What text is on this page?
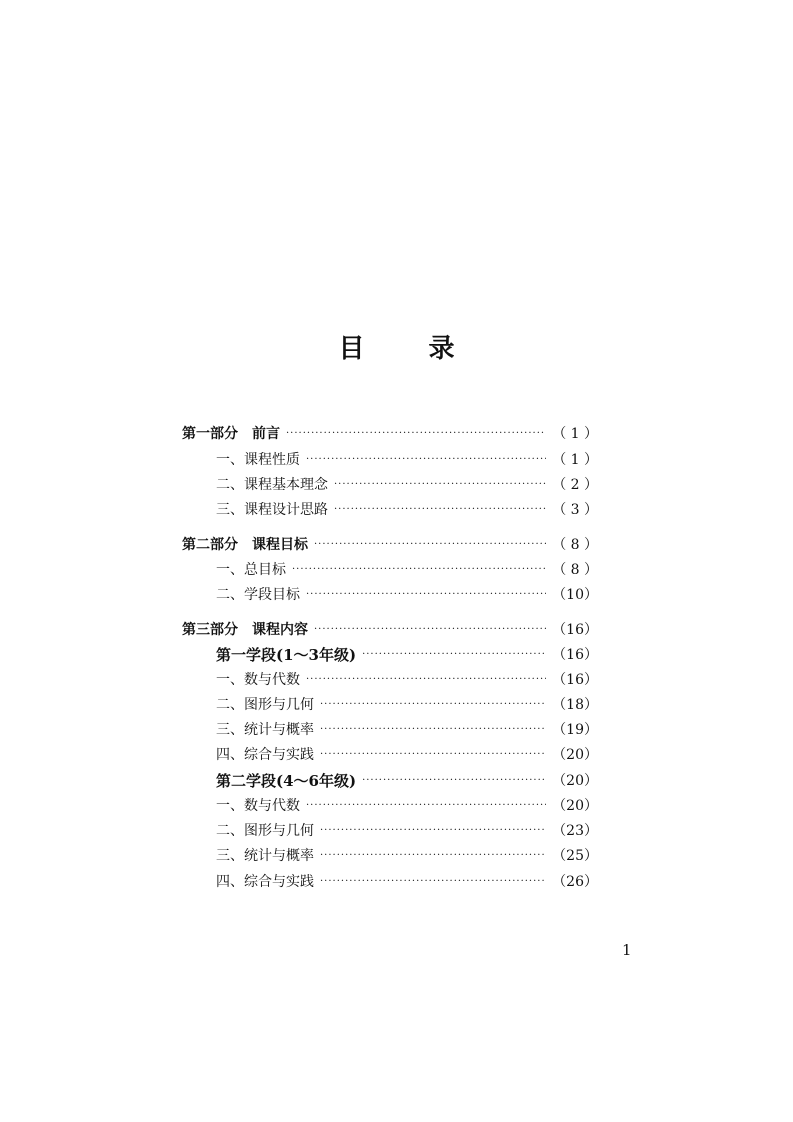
目 录
第一部分　前言 ·····	（ 1 ）
一、课程性质 ·····	（ 1 ）
二、课程基本理念 ·····	（ 2 ）
三、课程设计思路 ·····	（ 3 ）
第二部分　课程目标 ·····	（ 8 ）
一、总目标 ·····	（ 8 ）
二、学段目标 ·····	（10）
第三部分　课程内容 ·····	（16）
第一学段(1～3年级) ·····	（16）
一、数与代数 ·····	（16）
二、图形与几何 ·····	（18）
三、统计与概率 ·····	（19）
四、综合与实践 ·····	（20）
第二学段(4～6年级) ·····	（20）
一、数与代数 ·····	（20）
二、图形与几何 ·····	（23）
三、统计与概率 ·····	（25）
四、综合与实践 ·····	（26）
1
